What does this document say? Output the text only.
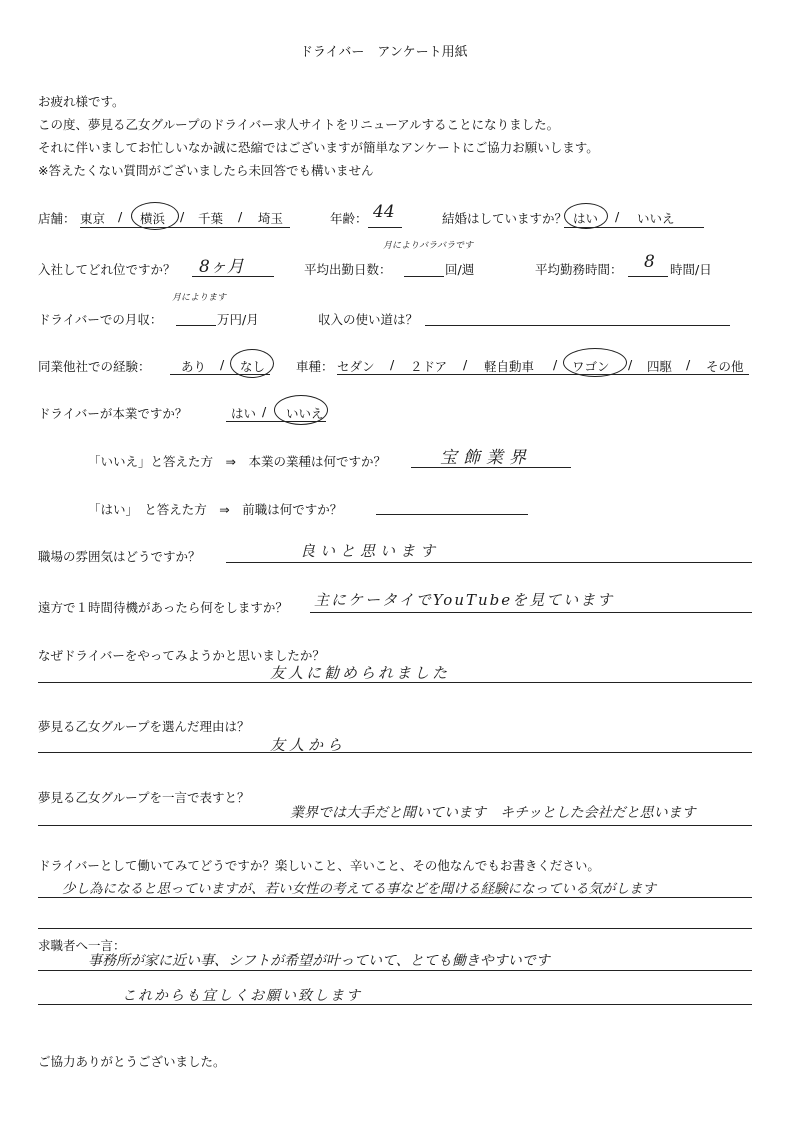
ドライバー　アンケート用紙
お疲れ様です。
この度、夢見る乙女グループのドライバー求人サイトをリニューアルすることになりました。
それに伴いましてお忙しいなか誠に恐縮ではございますが簡単なアンケートにご協力お願いします。
※答えたくない質問がございましたら未回答でも構いません
店舗： 東京 / 横浜 / 千葉 / 埼玉	年齢： 44	結婚はしていますか？ はい / いいえ
入社してどれ位ですか？ 8ヶ月
月によりバラバラです
平均出勤日数：	回/週	平均勤務時間： 8 時間/日
月によります
ドライバーでの月収：	万円/月	収入の使い道は？
同業他社での経験： あり / なし 車種： セダン / ２ドア / 軽自動車 / ワゴン / 四駆 / その他
ドライバーが本業ですか？	はい / いいえ
「いいえ」と答えた方　⇒　本業の業種は何ですか？	宝飾業界
「はい」　と答えた方　⇒　前職は何ですか？
職場の雰囲気はどうですか？	良いと思います
遠方で１時間待機があったら何をしますか？ 主にケータイでYouTubeを見ています
なぜドライバーをやってみようかと思いましたか？
友人に勧められました
夢見る乙女グループを選んだ理由は？
友人から
夢見る乙女グループを一言で表すと？
業界では大手だと聞いています　キチッとした会社だと思います
ドライバーとして働いてみてどうですか？楽しいこと、辛いこと、その他なんでもお書きください。
少し為になると思っていますが、若い女性の考えてる事などを聞ける経験になっている気がします
求職者へ一言：
事務所が家に近い事、シフトが希望が叶っていて、とても働きやすいです
これからも宜しくお願い致します
ご協力ありがとうございました。
